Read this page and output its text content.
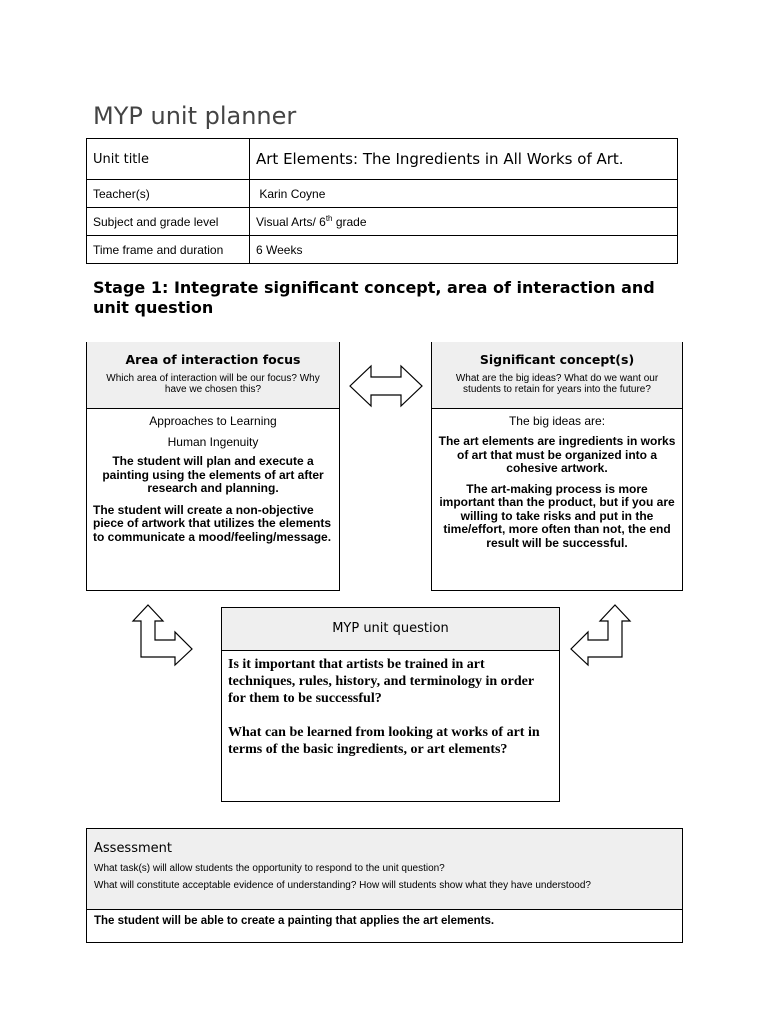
MYP unit planner
Unit title	Art Elements: The Ingredients in All Works of Art.
Teacher(s)	Karin Coyne
Subject and grade level	Visual Arts/ 6th grade
Time frame and duration	6 Weeks
Stage 1: Integrate significant concept, area of interaction and unit question
Area of interaction focus
Which area of interaction will be our focus? Why have we chosen this?
Approaches to Learning
Human Ingenuity
The student will plan and execute a painting using the elements of art after research and planning.
The student will create a non-objective piece of artwork that utilizes the elements to communicate a mood/feeling/message.
Significant concept(s)
What are the big ideas? What do we want our students to retain for years into the future?
The big ideas are:
The art elements are ingredients in works of art that must be organized into a cohesive artwork.
The art-making process is more important than the product, but if you are willing to take risks and put in the time/effort, more often than not, the end result will be successful.
MYP unit question
Is it important that artists be trained in art techniques, rules, history, and terminology in order for them to be successful?
What can be learned from looking at works of art in terms of the basic ingredients, or art elements?
Assessment
What task(s) will allow students the opportunity to respond to the unit question?
What will constitute acceptable evidence of understanding? How will students show what they have understood?
The student will be able to create a painting that applies the art elements.
